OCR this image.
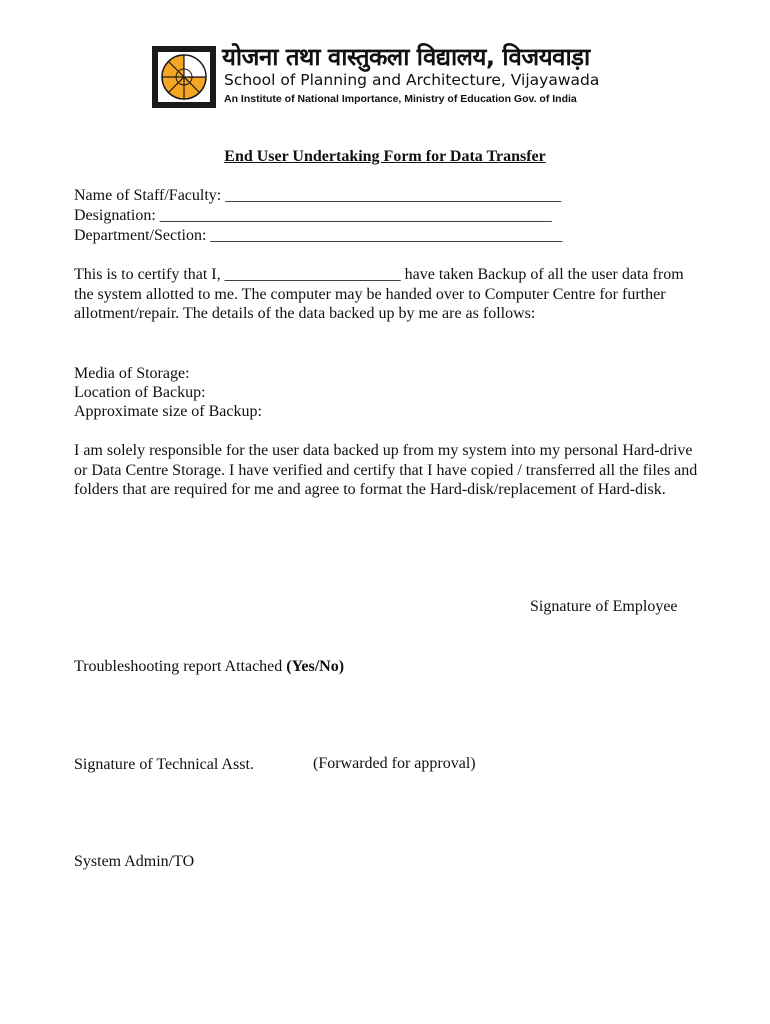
योजना तथा वास्तुकला विद्यालय, विजयवाड़ा
School of Planning and Architecture, Vijayawada
An Institute of National Importance, Ministry of Education Gov. of India
End User Undertaking Form for Data Transfer
Name of Staff/Faculty: __________________________________________
Designation: _________________________________________________
Department/Section: ____________________________________________
This is to certify that I, ______________________ have taken Backup of all the user data from the system allotted to me. The computer may be handed over to Computer Centre for further allotment/repair. The details of the data backed up by me are as follows:
Media of Storage:
Location of Backup:
Approximate size of Backup:
I am solely responsible for the user data backed up from my system into my personal Hard-drive or Data Centre Storage. I have verified and certify that I have copied / transferred all the files and folders that are required for me and agree to format the Hard-disk/replacement of Hard-disk.
Signature of Employee
Troubleshooting report Attached (Yes/No)
Signature of Technical Asst.	(Forwarded for approval)
System Admin/TO
